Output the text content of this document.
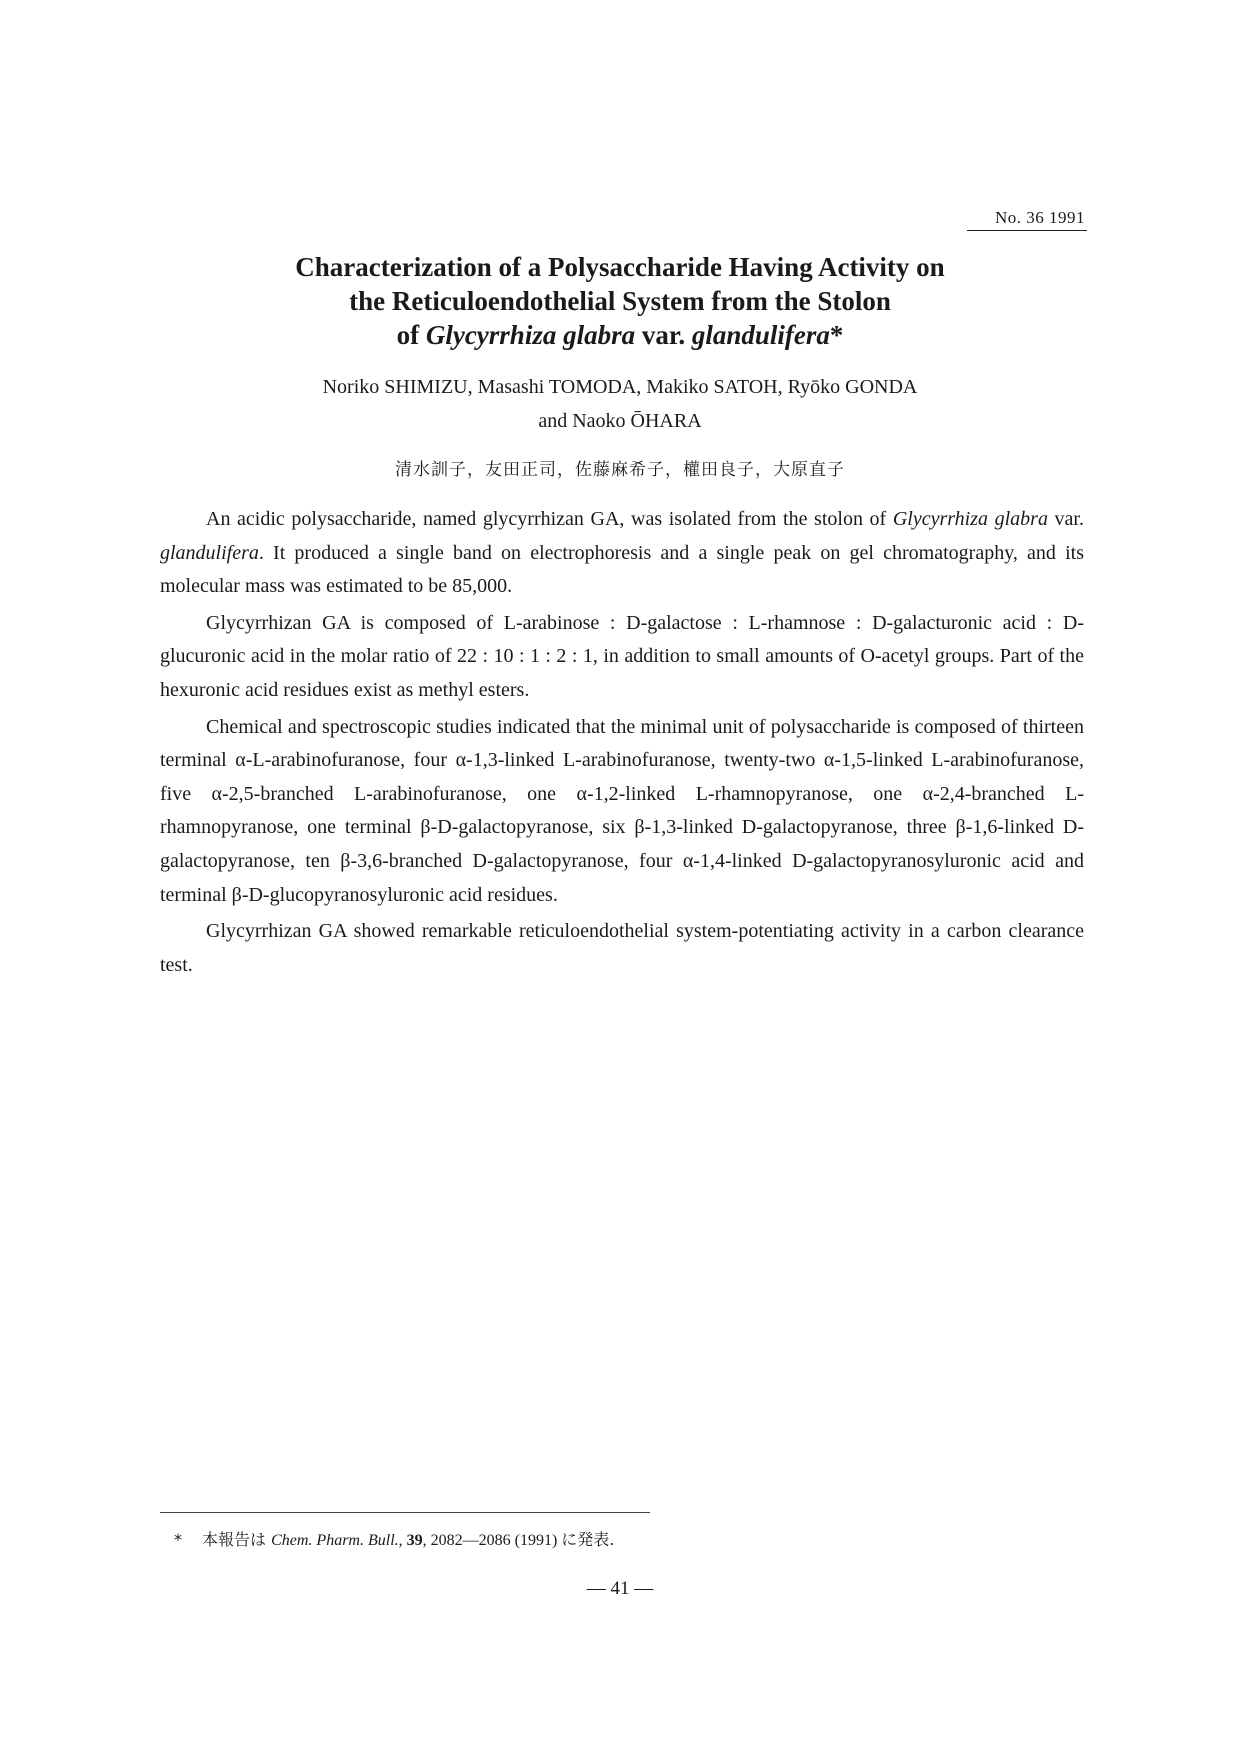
No. 36 1991
Characterization of a Polysaccharide Having Activity on
the Reticuloendothelial System from the Stolon
of Glycyrrhiza glabra var. glandulifera*
Noriko SHIMIZU, Masashi TOMODA, Makiko SATOH, Ryōko GONDA
and Naoko ŌHARA
清水訓子，友田正司，佐藤麻希子，權田良子，大原直子

An acidic polysaccharide, named glycyrrhizan GA, was isolated from the stolon of Glycyrrhiza glabra var. glandulifera. It produced a single band on electrophoresis and a single peak on gel chromatography, and its molecular mass was estimated to be 85,000.

Glycyrrhizan GA is composed of L-arabinose : D-galactose : L-rhamnose : D-galacturonic acid : D-glucuronic acid in the molar ratio of 22 : 10 : 1 : 2 : 1, in addition to small amounts of O-acetyl groups. Part of the hexuronic acid residues exist as methyl esters.

Chemical and spectroscopic studies indicated that the minimal unit of polysaccharide is composed of thirteen terminal α-L-arabinofuranose, four α-1,3-linked L-arabinofuranose, twenty-two α-1,5-linked L-arabinofuranose, five α-2,5-branched L-arabinofuranose, one α-1,2-linked L-rhamnopyranose, one α-2,4-branched L-rhamnopyranose, one terminal β-D-galactopyranose, six β-1,3-linked D-galactopyranose, three β-1,6-linked D-galactopyranose, ten β-3,6-branched D-galactopyranose, four α-1,4-linked D-galactopyranosyluronic acid and terminal β-D-glucopyranosyluronic acid residues.

Glycyrrhizan GA showed remarkable reticuloendothelial system-potentiating activity in a carbon clearance test.

* 本報告は Chem. Pharm. Bull., 39, 2082—2086 (1991) に発表.
— 41 —
